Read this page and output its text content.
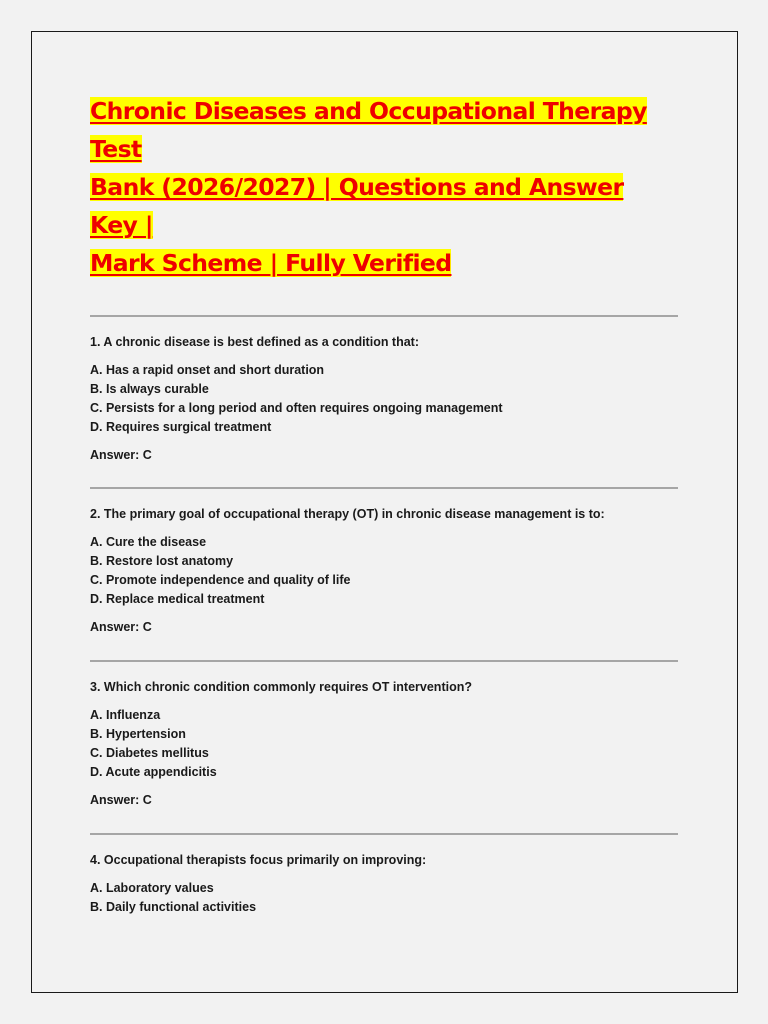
Chronic Diseases and Occupational Therapy Test
Bank (2026/2027) | Questions and Answer Key |
Mark Scheme | Fully Verified
1. A chronic disease is best defined as a condition that:
A. Has a rapid onset and short duration
B. Is always curable
C. Persists for a long period and often requires ongoing management
D. Requires surgical treatment
Answer: C
2. The primary goal of occupational therapy (OT) in chronic disease management is to:
A. Cure the disease
B. Restore lost anatomy
C. Promote independence and quality of life
D. Replace medical treatment
Answer: C
3. Which chronic condition commonly requires OT intervention?
A. Influenza
B. Hypertension
C. Diabetes mellitus
D. Acute appendicitis
Answer: C
4. Occupational therapists focus primarily on improving:
A. Laboratory values
B. Daily functional activities
